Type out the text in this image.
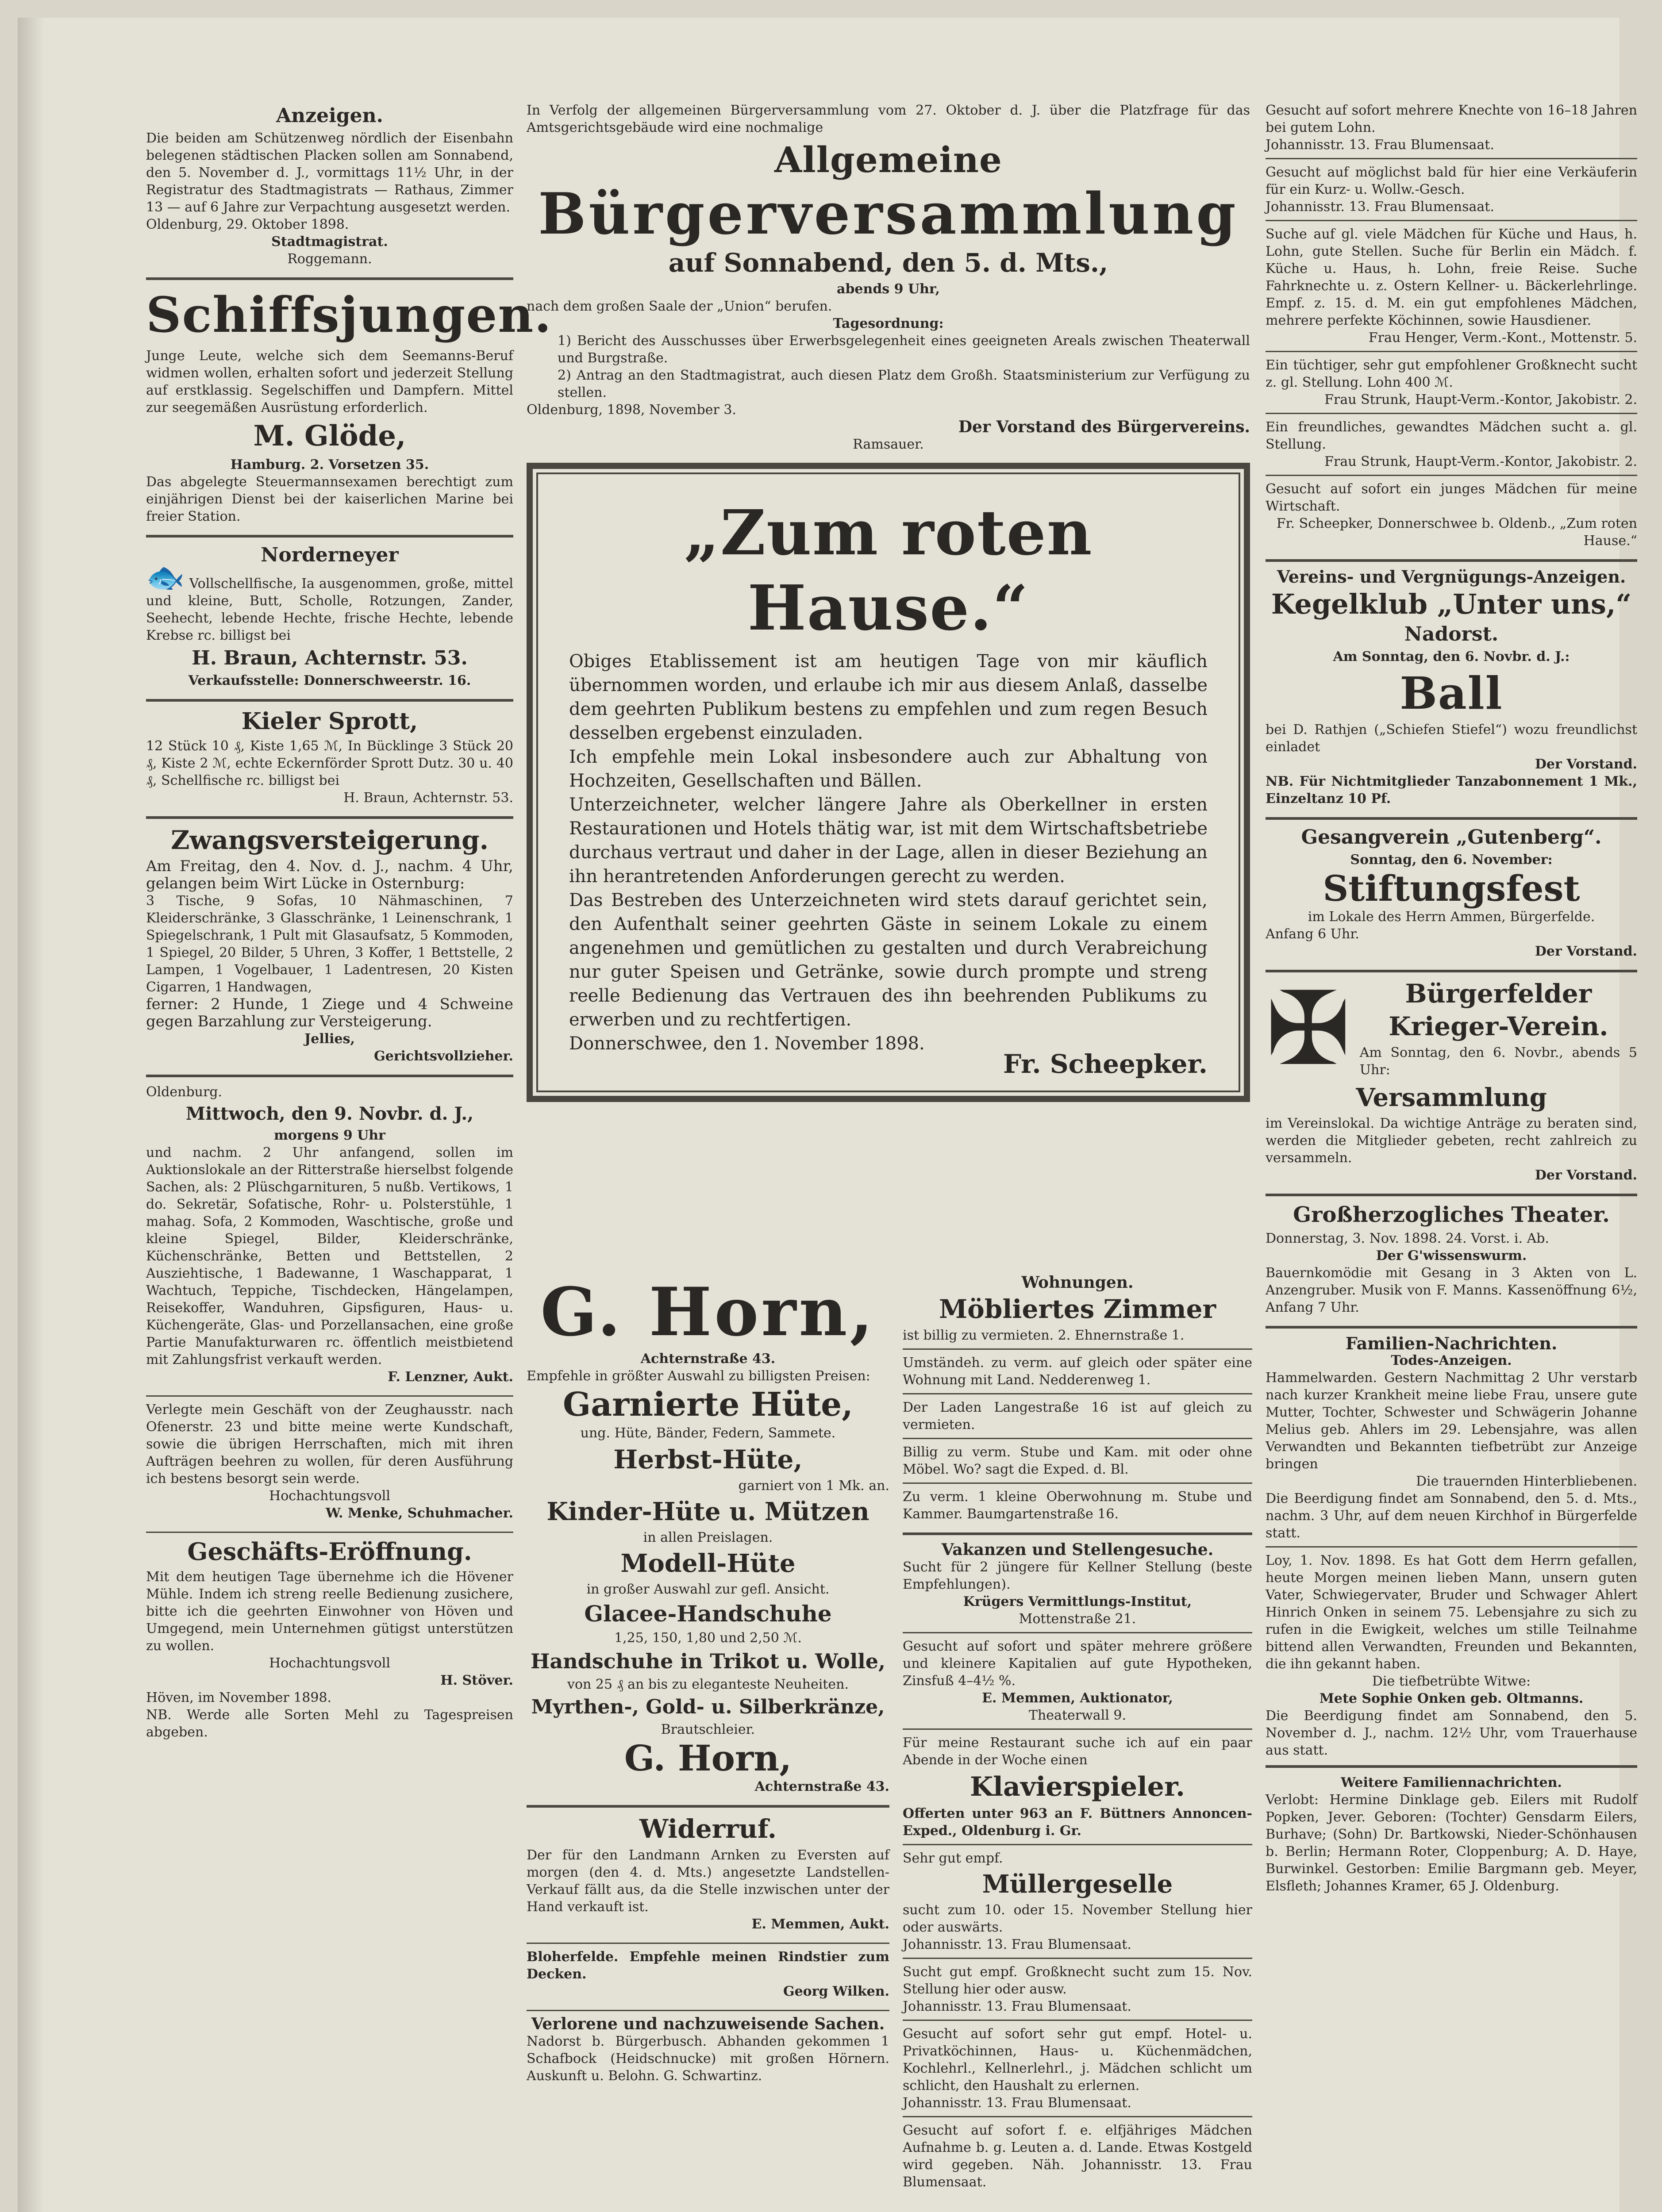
Anzeigen.

Die beiden am Schützenweg nördlich der Eisenbahn belegenen städtischen Placken sollen am Sonnabend, den 5. November d. J., vormittags 11½ Uhr, in der Registratur des Stadtmagistrats — Rathaus, Zimmer 13 — auf 6 Jahre zur Verpachtung ausgesetzt werden.

Oldenburg, 29. Oktober 1898.

Stadtmagistrat.

Roggemann.

Schiffsjungen.

Junge Leute, welche sich dem Seemanns-Beruf widmen wollen, erhalten sofort und jederzeit Stellung auf erstklassig. Segelschiffen und Dampfern. Mittel zur seegemäßen Ausrüstung erforderlich.

M. Glöde,

Hamburg. 2. Vorsetzen 35.

Das abgelegte Steuermannsexamen berechtigt zum einjährigen Dienst bei der kaiserlichen Marine bei freier Station.

Norderneyer

🐟 Vollschellfische, Ia ausgenommen, große, mittel und kleine, Butt, Scholle, Rotzungen, Zander, Seehecht, lebende Hechte, frische Hechte, lebende Krebse rc. billigst bei

H. Braun, Achternstr. 53.

Verkaufsstelle: Donnerschweerstr. 16.

Kieler Sprott,

12 Stück 10 ₰, Kiste 1,65 ℳ, In Bücklinge 3 Stück 20 ₰, Kiste 2 ℳ, echte Eckernförder Sprott Dutz. 30 u. 40 ₰, Schellfische rc. billigst bei

H. Braun, Achternstr. 53.

Zwangsversteigerung.

Am Freitag, den 4. Nov. d. J., nachm. 4 Uhr, gelangen beim Wirt Lücke in Osternburg:

3 Tische, 9 Sofas, 10 Nähmaschinen, 7 Kleiderschränke, 3 Glasschränke, 1 Leinenschrank, 1 Spiegelschrank, 1 Pult mit Glasaufsatz, 5 Kommoden, 1 Spiegel, 20 Bilder, 5 Uhren, 3 Koffer, 1 Bettstelle, 2 Lampen, 1 Vogelbauer, 1 Ladentresen, 20 Kisten Cigarren, 1 Handwagen,

ferner: 2 Hunde, 1 Ziege und 4 Schweine gegen Barzahlung zur Versteigerung.

Jellies,

Gerichtsvollzieher.

Oldenburg.

Mittwoch, den 9. Novbr. d. J.,

morgens 9 Uhr

und nachm. 2 Uhr anfangend, sollen im Auktionslokale an der Ritterstraße hierselbst folgende Sachen, als: 2 Plüschgarnituren, 5 nußb. Vertikows, 1 do. Sekretär, Sofatische, Rohr- u. Polsterstühle, 1 mahag. Sofa, 2 Kommoden, Waschtische, große und kleine Spiegel, Bilder, Kleiderschränke, Küchenschränke, Betten und Bettstellen, 2 Ausziehtische, 1 Badewanne, 1 Waschapparat, 1 Wachtuch, Teppiche, Tischdecken, Hängelampen, Reisekoffer, Wanduhren, Gipsfiguren, Haus- u. Küchengeräte, Glas- und Porzellansachen, eine große Partie Manufakturwaren rc. öffentlich meistbietend mit Zahlungsfrist verkauft werden.

F. Lenzner, Aukt.

Verlegte mein Geschäft von der Zeughausstr. nach Ofenerstr. 23 und bitte meine werte Kundschaft, sowie die übrigen Herrschaften, mich mit ihren Aufträgen beehren zu wollen, für deren Ausführung ich bestens besorgt sein werde.

Hochachtungsvoll

W. Menke, Schuhmacher.

Geschäfts-Eröffnung.

Mit dem heutigen Tage übernehme ich die Hövener Mühle. Indem ich streng reelle Bedienung zusichere, bitte ich die geehrten Einwohner von Höven und Umgegend, mein Unternehmen gütigst unterstützen zu wollen.

Hochachtungsvoll

H. Stöver.

Höven, im November 1898.

NB. Werde alle Sorten Mehl zu Tagespreisen abgeben.

In Verfolg der allgemeinen Bürgerversammlung vom 27. Oktober d. J. über die Platzfrage für das Amtsgerichtsgebäude wird eine nochmalige

Allgemeine

Bürgerversammlung

auf Sonnabend, den 5. d. Mts.,

abends 9 Uhr,

nach dem großen Saale der „Union“ berufen.

Tagesordnung:

1) Bericht des Ausschusses über Erwerbsgelegenheit eines geeigneten Areals zwischen Theaterwall und Burgstraße.

2) Antrag an den Stadtmagistrat, auch diesen Platz dem Großh. Staatsministerium zur Verfügung zu stellen.

Oldenburg, 1898, November 3.

Der Vorstand des Bürgervereins.

Ramsauer.

„Zum roten Hause.“

Obiges Etablissement ist am heutigen Tage von mir käuflich übernommen worden, und erlaube ich mir aus diesem Anlaß, dasselbe dem geehrten Publikum bestens zu empfehlen und zum regen Besuch desselben ergebenst einzuladen.

Ich empfehle mein Lokal insbesondere auch zur Abhaltung von Hochzeiten, Gesellschaften und Bällen.

Unterzeichneter, welcher längere Jahre als Oberkellner in ersten Restaurationen und Hotels thätig war, ist mit dem Wirtschaftsbetriebe durchaus vertraut und daher in der Lage, allen in dieser Beziehung an ihn herantretenden Anforderungen gerecht zu werden.

Das Bestreben des Unterzeichneten wird stets darauf gerichtet sein, den Aufenthalt seiner geehrten Gäste in seinem Lokale zu einem angenehmen und gemütlichen zu gestalten und durch Verabreichung nur guter Speisen und Getränke, sowie durch prompte und streng reelle Bedienung das Vertrauen des ihn beehrenden Publikums zu erwerben und zu rechtfertigen.

Donnerschwee, den 1. November 1898.

Fr. Scheepker.

G. Horn,

Achternstraße 43.

Empfehle in größter Auswahl zu billigsten Preisen:

Garnierte Hüte,

ung. Hüte, Bänder, Federn, Sammete.

Herbst-Hüte,

garniert von 1 Mk. an.

Kinder-Hüte u. Mützen

in allen Preislagen.

Modell-Hüte

in großer Auswahl zur gefl. Ansicht.

Glacee-Handschuhe

1,25, 150, 1,80 und 2,50 ℳ.

Handschuhe in Trikot u. Wolle,

von 25 ₰ an bis zu eleganteste Neuheiten.

Myrthen-, Gold- u. Silberkränze,

Brautschleier.

G. Horn,

Achternstraße 43.

Widerruf.

Der für den Landmann Arnken zu Eversten auf morgen (den 4. d. Mts.) angesetzte Landstellen-Verkauf fällt aus, da die Stelle inzwischen unter der Hand verkauft ist.

E. Memmen, Aukt.

Bloherfelde. Empfehle meinen Rindstier zum Decken.

Georg Wilken.

Verlorene und nachzuweisende Sachen.

Nadorst b. Bürgerbusch. Abhanden gekommen 1 Schafbock (Heidschnucke) mit großen Hörnern. Auskunft u. Belohn. G. Schwartinz.

Wohnungen.

Möbliertes Zimmer

ist billig zu vermieten. 2. Ehnernstraße 1.

Umständeh. zu verm. auf gleich oder später eine Wohnung mit Land. Nedderenweg 1.

Der Laden Langestraße 16 ist auf gleich zu vermieten.

Billig zu verm. Stube und Kam. mit oder ohne Möbel. Wo? sagt die Exped. d. Bl.

Zu verm. 1 kleine Oberwohnung m. Stube und Kammer. Baumgartenstraße 16.

Vakanzen und Stellengesuche.

Sucht für 2 jüngere für Kellner Stellung (beste Empfehlungen).

Krügers Vermittlungs-Institut,

Mottenstraße 21.

Gesucht auf sofort und später mehrere größere und kleinere Kapitalien auf gute Hypotheken, Zinsfuß 4–4½ %.

E. Memmen, Auktionator,

Theaterwall 9.

Für meine Restaurant suche ich auf ein paar Abende in der Woche einen

Klavierspieler.

Offerten unter 963 an F. Büttners Annoncen-Exped., Oldenburg i. Gr.

Sehr gut empf.

Müllergeselle

sucht zum 10. oder 15. November Stellung hier oder auswärts.

Johannisstr. 13. Frau Blumensaat.

Sucht gut empf. Großknecht sucht zum 15. Nov. Stellung hier oder ausw.

Johannisstr. 13. Frau Blumensaat.

Gesucht auf sofort sehr gut empf. Hotel- u. Privatköchinnen, Haus- u. Küchenmädchen, Kochlehrl., Kellnerlehrl., j. Mädchen schlicht um schlicht, den Haushalt zu erlernen.

Johannisstr. 13. Frau Blumensaat.

Gesucht auf sofort f. e. elfjähriges Mädchen Aufnahme b. g. Leuten a. d. Lande. Etwas Kostgeld wird gegeben. Näh. Johannisstr. 13. Frau Blumensaat.

Gesucht auf sofort mehrere Knechte von 16–18 Jahren bei gutem Lohn.

Johannisstr. 13. Frau Blumensaat.

Gesucht auf möglichst bald für hier eine Verkäuferin für ein Kurz- u. Wollw.-Gesch.

Johannisstr. 13. Frau Blumensaat.

Suche auf gl. viele Mädchen für Küche und Haus, h. Lohn, gute Stellen. Suche für Berlin ein Mädch. f. Küche u. Haus, h. Lohn, freie Reise. Suche Fahrknechte u. z. Ostern Kellner- u. Bäckerlehrlinge. Empf. z. 15. d. M. ein gut empfohlenes Mädchen, mehrere perfekte Köchinnen, sowie Hausdiener.

Frau Henger, Verm.-Kont., Mottenstr. 5.

Ein tüchtiger, sehr gut empfohlener Großknecht sucht z. gl. Stellung. Lohn 400 ℳ.

Frau Strunk, Haupt-Verm.-Kontor, Jakobistr. 2.

Ein freundliches, gewandtes Mädchen sucht a. gl. Stellung.

Frau Strunk, Haupt-Verm.-Kontor, Jakobistr. 2.

Gesucht auf sofort ein junges Mädchen für meine Wirtschaft.

Fr. Scheepker, Donnerschwee b. Oldenb., „Zum roten Hause.“

Vereins- und Vergnügungs-Anzeigen.

Kegelklub „Unter uns,“

Nadorst.

Am Sonntag, den 6. Novbr. d. J.:

Ball

bei D. Rathjen („Schiefen Stiefel“) wozu freundlichst einladet

Der Vorstand.

NB. Für Nichtmitglieder Tanzabonnement 1 Mk., Einzeltanz 10 Pf.

Gesangverein „Gutenberg“.

Sonntag, den 6. November:

Stiftungsfest

im Lokale des Herrn Ammen, Bürgerfelde.

Anfang 6 Uhr.

Der Vorstand.

✠	Bürgerfelder

Krieger-Verein.

Am Sonntag, den 6. Novbr., abends 5 Uhr:

Versammlung

im Vereinslokal. Da wichtige Anträge zu beraten sind, werden die Mitglieder gebeten, recht zahlreich zu versammeln.

Der Vorstand.

Großherzogliches Theater.

Donnerstag, 3. Nov. 1898. 24. Vorst. i. Ab.

Der G'wissenswurm.

Bauernkomödie mit Gesang in 3 Akten von L. Anzengruber. Musik von F. Manns. Kassenöffnung 6½, Anfang 7 Uhr.

Familien-Nachrichten.

Todes-Anzeigen.

Hammelwarden. Gestern Nachmittag 2 Uhr verstarb nach kurzer Krankheit meine liebe Frau, unsere gute Mutter, Tochter, Schwester und Schwägerin Johanne Melius geb. Ahlers im 29. Lebensjahre, was allen Verwandten und Bekannten tiefbetrübt zur Anzeige bringen

Die trauernden Hinterbliebenen.

Die Beerdigung findet am Sonnabend, den 5. d. Mts., nachm. 3 Uhr, auf dem neuen Kirchhof in Bürgerfelde statt.

Loy, 1. Nov. 1898. Es hat Gott dem Herrn gefallen, heute Morgen meinen lieben Mann, unsern guten Vater, Schwiegervater, Bruder und Schwager Ahlert Hinrich Onken in seinem 75. Lebensjahre zu sich zu rufen in die Ewigkeit, welches um stille Teilnahme bittend allen Verwandten, Freunden und Bekannten, die ihn gekannt haben.

Die tiefbetrübte Witwe:

Mete Sophie Onken geb. Oltmanns.

Die Beerdigung findet am Sonnabend, den 5. November d. J., nachm. 12½ Uhr, vom Trauerhause aus statt.

Weitere Familiennachrichten.

Verlobt: Hermine Dinklage geb. Eilers mit Rudolf Popken, Jever. Geboren: (Tochter) Gensdarm Eilers, Burhave; (Sohn) Dr. Bartkowski, Nieder-Schönhausen b. Berlin; Hermann Roter, Cloppenburg; A. D. Haye, Burwinkel. Gestorben: Emilie Bargmann geb. Meyer, Elsfleth; Johannes Kramer, 65 J. Oldenburg.
